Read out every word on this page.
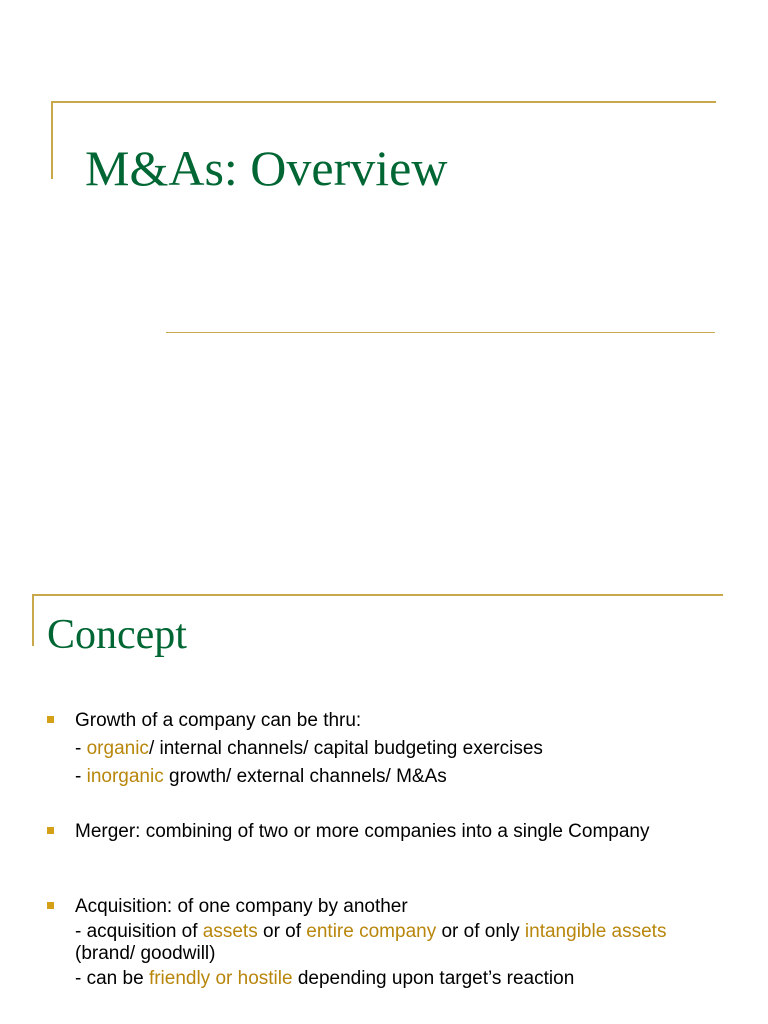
M&As: Overview
Concept
Growth of a company can be thru:
- organic/ internal channels/ capital budgeting exercises
- inorganic growth/ external channels/ M&As
Merger: combining of two or more companies into a single Company
Acquisition: of one company by another
- acquisition of assets or of entire company or of only intangible assets (brand/ goodwill)
- can be friendly or hostile depending upon target’s reaction
